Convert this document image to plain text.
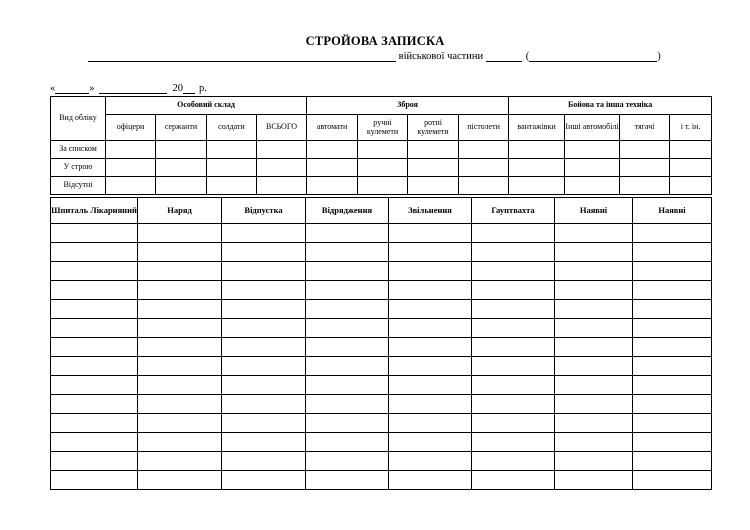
СТРОЙОВА ЗАПИСКА
військової частини	(	)
«	»	20 р.
Вид обліку	Особовий склад				Зброя				Бойова та інша техніка			
	офіцери	сержанти	солдати	ВСЬОГО	автомати	ручні кулемети	ротні кулемети	пістолети	вантажівки	Інші автомобілі	тягачі	і т. ін.
За списком												
У строю												
Відсутні												
Шпиталь Лікарняний	Наряд	Відпустка	Відрядження	Звільнення	Гауптвахта	Наявні	Наявні
